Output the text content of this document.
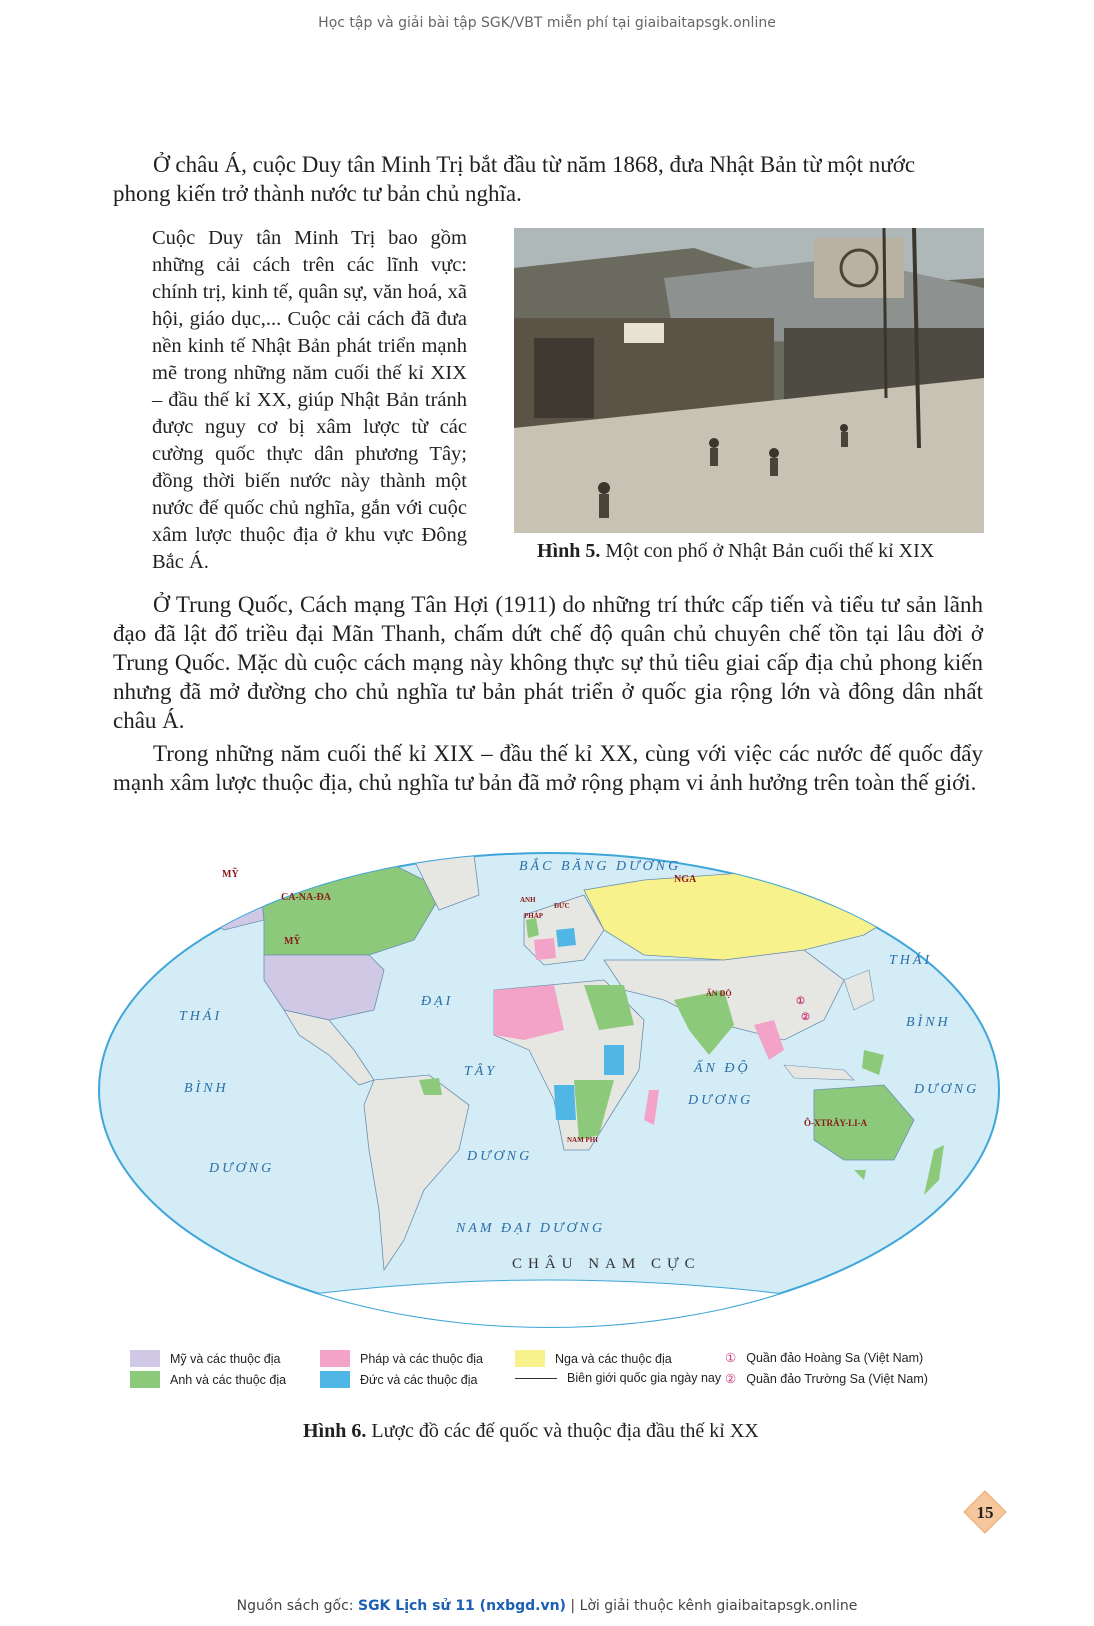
Học tập và giải bài tập SGK/VBT miễn phí tại giaibaitapsgk.online

Ở châu Á, cuộc Duy tân Minh Trị bắt đầu từ năm 1868, đưa Nhật Bản từ một nước

phong kiến trở thành nước tư bản chủ nghĩa.

Cuộc Duy tân Minh Trị bao gồm những cải cách trên các lĩnh vực: chính trị, kinh tế, quân sự, văn hoá, xã hội, giáo dục,... Cuộc cải cách đã đưa nền kinh tế Nhật Bản phát triển mạnh mẽ trong những năm cuối thế kỉ XIX – đầu thế kỉ XX, giúp Nhật Bản tránh được nguy cơ bị xâm lược từ các cường quốc thực dân phương Tây; đồng thời biến nước này thành một nước đế quốc chủ nghĩa, gắn với cuộc xâm lược thuộc địa ở khu vực Đông Bắc Á.	Hình 5. Một con phố ở Nhật Bản cuối thế kỉ XIX

Ở Trung Quốc, Cách mạng Tân Hợi (1911) do những trí thức cấp tiến và tiểu tư sản lãnh đạo đã lật đổ triều đại Mãn Thanh, chấm dứt chế độ quân chủ chuyên chế tồn tại lâu đời ở Trung Quốc. Mặc dù cuộc cách mạng này không thực sự thủ tiêu giai cấp địa chủ phong kiến nhưng đã mở đường cho chủ nghĩa tư bản phát triển ở quốc gia rộng lớn và đông dân nhất châu Á.

Trong những năm cuối thế kỉ XIX – đầu thế kỉ XX, cùng với việc các nước đế quốc đẩy mạnh xâm lược thuộc địa, chủ nghĩa tư bản đã mở rộng phạm vi ảnh hưởng trên toàn thế giới.

BẮC BĂNG DƯƠNG
THÁI
BÌNH
DƯƠNG
ĐẠI
TÂY
DƯƠNG
ẤN ĐỘ
DƯƠNG
THÁI
BÌNH
DƯƠNG
NAM ĐẠI DƯƠNG
CHÂU NAM CỰC
MỸ
CA-NA-ĐA
MỸ
NGA
ANH
PHÁP
ĐỨC
ẤN ĐỘ
Ô-XTRÂY-LI-A
NAM PHI
①
②
Mỹ và các thuộc địa
Anh và các thuộc địa
Pháp và các thuộc địa
Đức và các thuộc địa
Nga và các thuộc địa
Biên giới quốc gia ngày nay
① Quần đảo Hoàng Sa (Việt Nam)
② Quần đảo Trường Sa (Việt Nam)

Hình 6. Lược đồ các đế quốc và thuộc địa đầu thế kỉ XX

15
Nguồn sách gốc: SGK Lịch sử 11 (nxbgd.vn) | Lời giải thuộc kênh giaibaitapsgk.online
